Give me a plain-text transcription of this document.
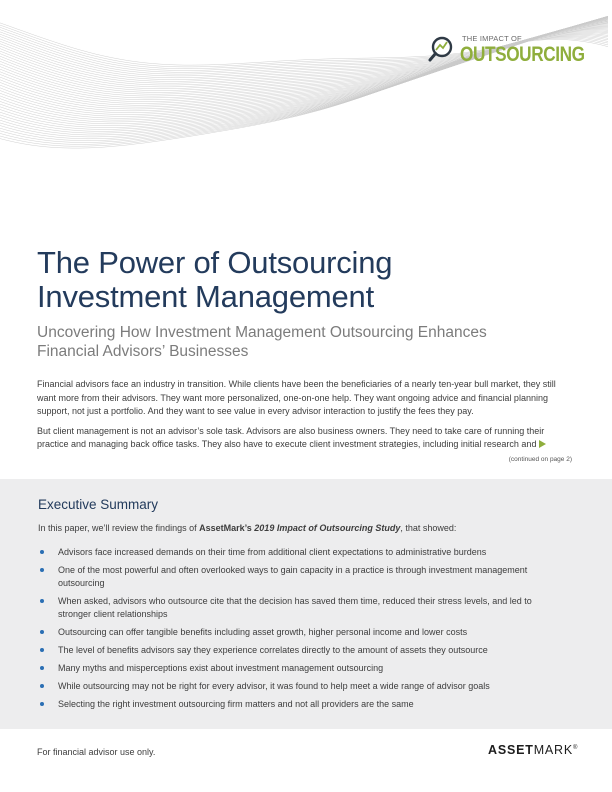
THE IMPACT OF
OUTSOURCING
The Power of Outsourcing
Investment Management
Uncovering How Investment Management Outsourcing Enhances
Financial Advisors’ Businesses

Financial advisors face an industry in transition. While clients have been the beneficiaries of a nearly ten-year bull market, they still want more from their advisors. They want more personalized, one-on-one help. They want ongoing advice and financial planning support, not just a portfolio. And they want to see value in every advisor interaction to justify the fees they pay.

But client management is not an advisor’s sole task. Advisors are also business owners. They need to take care of running their practice and managing back office tasks. They also have to execute client investment strategies, including initial research and

(continued on page 2)
Executive Summary

In this paper, we’ll review the findings of AssetMark’s 2019 Impact of Outsourcing Study, that showed:

Advisors face increased demands on their time from additional client expectations to administrative burdens
One of the most powerful and often overlooked ways to gain capacity in a practice is through investment management outsourcing
When asked, advisors who outsource cite that the decision has saved them time, reduced their stress levels, and led to stronger client relationships
Outsourcing can offer tangible benefits including asset growth, higher personal income and lower costs
The level of benefits advisors say they experience correlates directly to the amount of assets they outsource
Many myths and misperceptions exist about investment management outsourcing
While outsourcing may not be right for every advisor, it was found to help meet a wide range of advisor goals
Selecting the right investment outsourcing firm matters and not all providers are the same
For financial advisor use only.	ASSETMARK®
